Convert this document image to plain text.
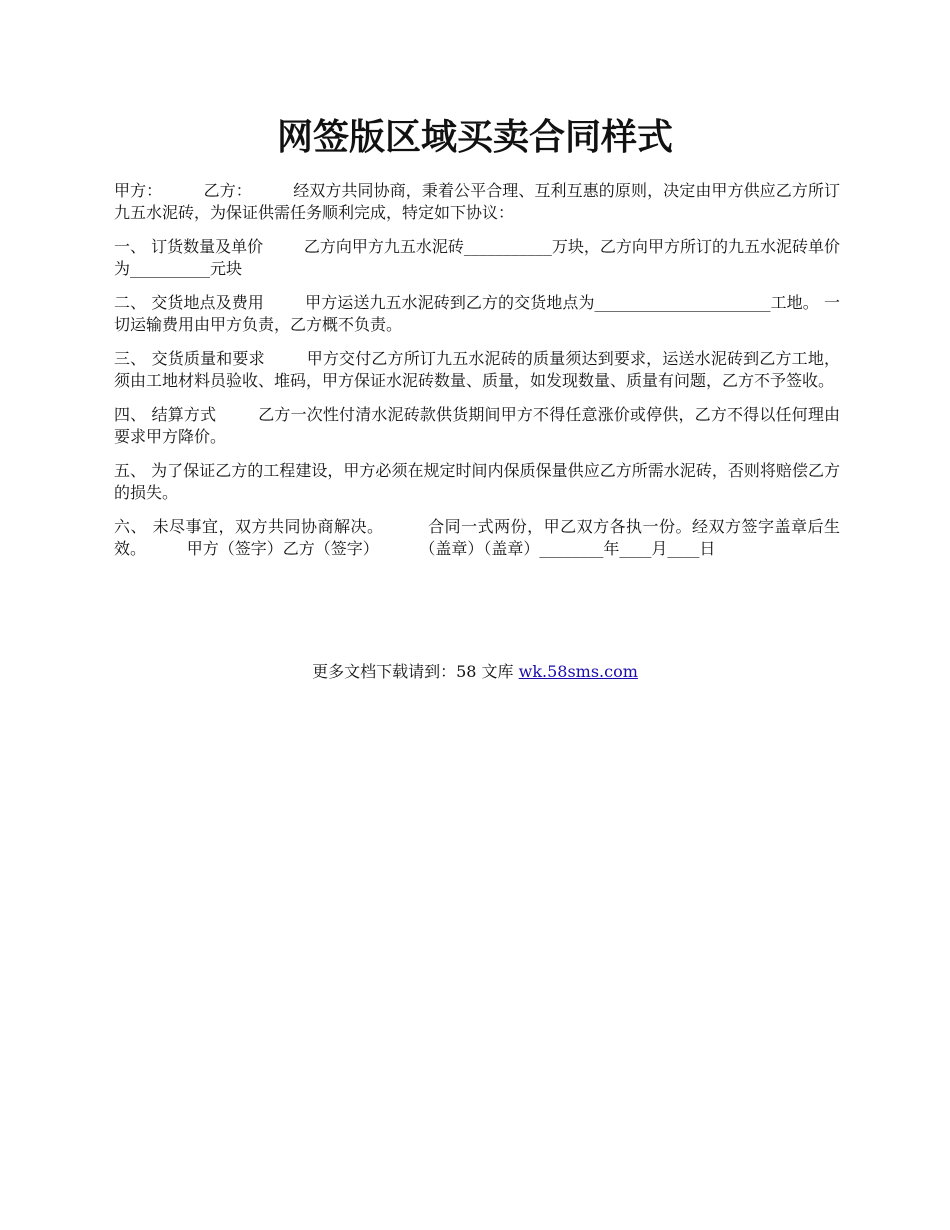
网签版区域买卖合同样式

甲方：        乙方：        经双方共同协商，秉着公平合理、互利互惠的原则，决定由甲方供应乙方所订九五水泥砖，为保证供需任务顺利完成，特定如下协议：

一、 订货数量及单价        乙方向甲方九五水泥砖___________万块，乙方向甲方所订的九五水泥砖单价为__________元块

二、 交货地点及费用        甲方运送九五水泥砖到乙方的交货地点为______________________工地。 一切运输费用由甲方负责，乙方概不负责。

三、 交货质量和要求        甲方交付乙方所订九五水泥砖的质量须达到要求，运送水泥砖到乙方工地，须由工地材料员验收、堆码，甲方保证水泥砖数量、质量，如发现数量、质量有问题，乙方不予签收。

四、 结算方式        乙方一次性付清水泥砖款供货期间甲方不得任意涨价或停供，乙方不得以任何理由要求甲方降价。

五、 为了保证乙方的工程建设，甲方必须在规定时间内保质保量供应乙方所需水泥砖，否则将赔偿乙方的损失。

六、 未尽事宜，双方共同协商解决。        合同一式两份，甲乙双方各执一份。经双方签字盖章后生效。        甲方（签字）乙方（签字）        （盖章）（盖章）________年____月____日

更多文档下载请到：58 文库 wk.58sms.com
